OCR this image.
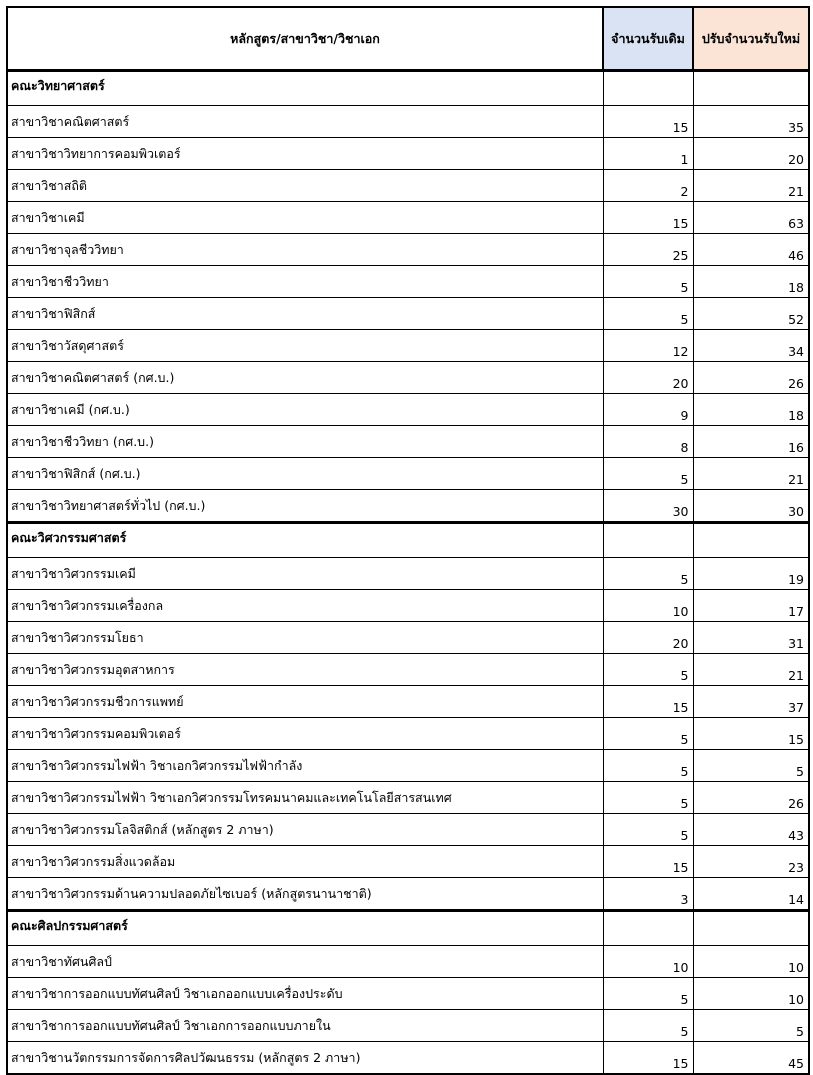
หลักสูตร/สาขาวิชา/วิชาเอก	จำนวนรับเดิม	ปรับจำนวนรับใหม่
คณะวิทยาศาสตร์		
สาขาวิชาคณิตศาสตร์	15	35
สาขาวิชาวิทยาการคอมพิวเตอร์	1	20
สาขาวิชาสถิติ	2	21
สาขาวิชาเคมี	15	63
สาขาวิชาจุลชีววิทยา	25	46
สาขาวิชาชีววิทยา	5	18
สาขาวิชาฟิสิกส์	5	52
สาขาวิชาวัสดุศาสตร์	12	34
สาขาวิชาคณิตศาสตร์ (กศ.บ.)	20	26
สาขาวิชาเคมี (กศ.บ.)	9	18
สาขาวิชาชีววิทยา (กศ.บ.)	8	16
สาขาวิชาฟิสิกส์ (กศ.บ.)	5	21
สาขาวิชาวิทยาศาสตร์ทั่วไป (กศ.บ.)	30	30
คณะวิศวกรรมศาสตร์		
สาขาวิชาวิศวกรรมเคมี	5	19
สาขาวิชาวิศวกรรมเครื่องกล	10	17
สาขาวิชาวิศวกรรมโยธา	20	31
สาขาวิชาวิศวกรรมอุตสาหการ	5	21
สาขาวิชาวิศวกรรมชีวการแพทย์	15	37
สาขาวิชาวิศวกรรมคอมพิวเตอร์	5	15
สาขาวิชาวิศวกรรมไฟฟ้า วิชาเอกวิศวกรรมไฟฟ้ากำลัง	5	5
สาขาวิชาวิศวกรรมไฟฟ้า วิชาเอกวิศวกรรมโทรคมนาคมและเทคโนโลยีสารสนเทศ	5	26
สาขาวิชาวิศวกรรมโลจิสติกส์ (หลักสูตร 2 ภาษา)	5	43
สาขาวิชาวิศวกรรมสิ่งแวดล้อม	15	23
สาขาวิชาวิศวกรรมด้านความปลอดภัยไซเบอร์ (หลักสูตรนานาชาติ)	3	14
คณะศิลปกรรมศาสตร์		
สาขาวิชาทัศนศิลป์	10	10
สาขาวิชาการออกแบบทัศนศิลป์ วิชาเอกออกแบบเครื่องประดับ	5	10
สาขาวิชาการออกแบบทัศนศิลป์ วิชาเอกการออกแบบภายใน	5	5
สาขาวิชานวัตกรรมการจัดการศิลปวัฒนธรรม (หลักสูตร 2 ภาษา)	15	45
